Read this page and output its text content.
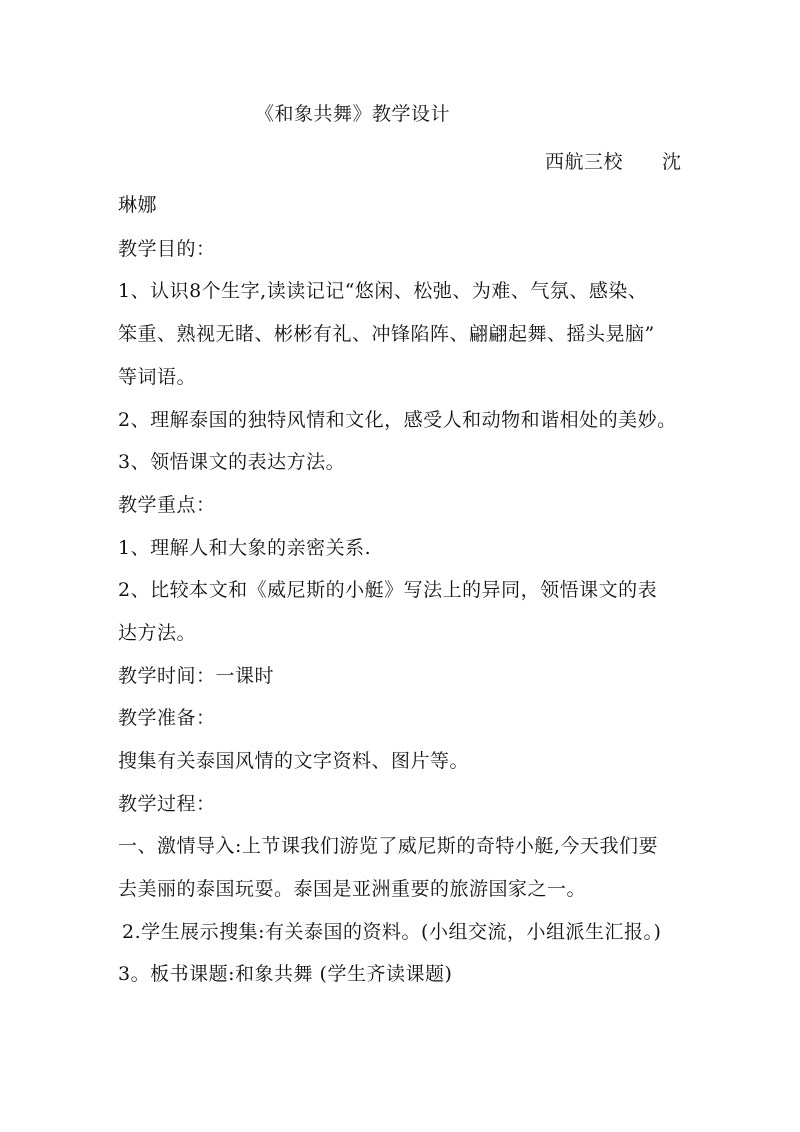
《和象共舞》教学设计
西航三校　　沈
琳娜
教学目的：
1、认识8个生字,读读记记“悠闲、松弛、为难、气氛、感染、
笨重、熟视无睹、彬彬有礼、冲锋陷阵、翩翩起舞、摇头晃脑”
等词语。
2、理解泰国的独特风情和文化，感受人和动物和谐相处的美妙。
3、领悟课文的表达方法。
教学重点：
1、理解人和大象的亲密关系.
2、比较本文和《威尼斯的小艇》写法上的异同，领悟课文的表
达方法。
教学时间：一课时
教学准备：
搜集有关泰国风情的文字资料、图片等。
教学过程：
一、激情导入:上节课我们游览了威尼斯的奇特小艇,今天我们要
去美丽的泰国玩耍。泰国是亚洲重要的旅游国家之一。
2.学生展示搜集:有关泰国的资料。(小组交流，小组派生汇报。)
3。板书课题:和象共舞 (学生齐读课题)
